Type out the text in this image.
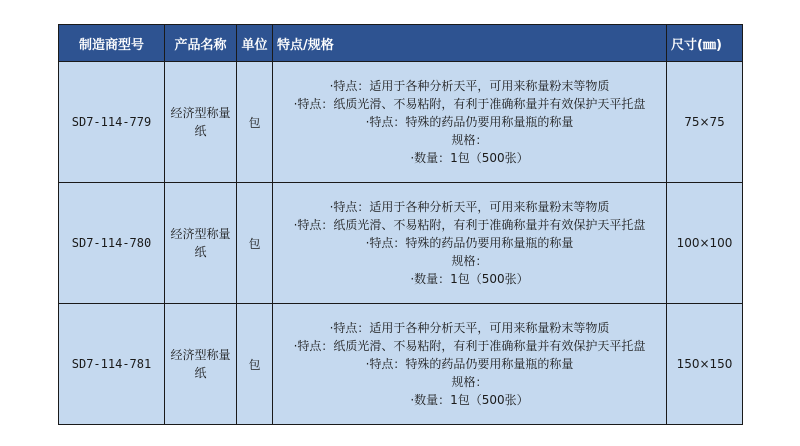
制造商型号	产品名称	单位	特点/规格	尺寸(㎜)
SD7-114-779	经济型称量纸	包	·特点：适用于各种分析天平，可用来称量粉末等物质
·特点：纸质光滑、不易粘附，有利于准确称量并有效保护天平托盘
·特点：特殊的药品仍要用称量瓶的称量
规格：
·数量：1包（500张）	75×75
SD7-114-780	经济型称量纸	包	·特点：适用于各种分析天平，可用来称量粉末等物质
·特点：纸质光滑、不易粘附，有利于准确称量并有效保护天平托盘
·特点：特殊的药品仍要用称量瓶的称量
规格：
·数量：1包（500张）	100×100
SD7-114-781	经济型称量纸	包	·特点：适用于各种分析天平，可用来称量粉末等物质
·特点：纸质光滑、不易粘附，有利于准确称量并有效保护天平托盘
·特点：特殊的药品仍要用称量瓶的称量
规格：
·数量：1包（500张）	150×150
